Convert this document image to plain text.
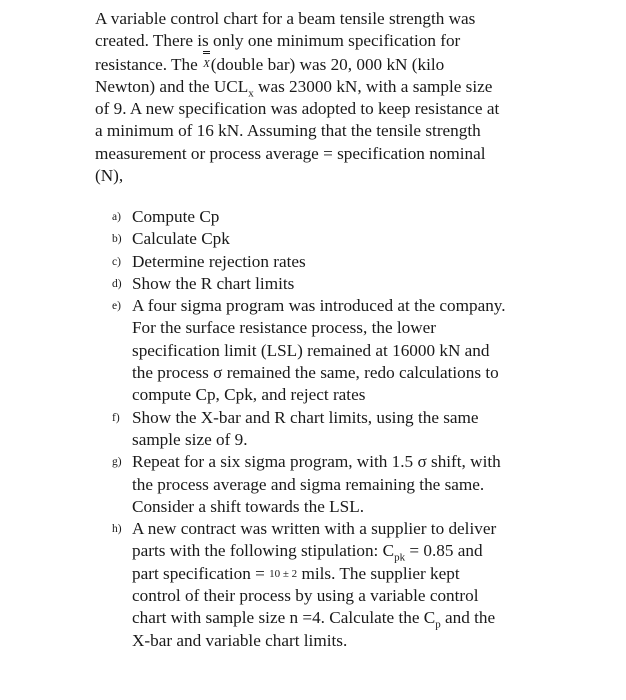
A variable control chart for a beam tensile strength was
created. There is only one minimum specification for
resistance. The X(double bar) was 20, 000 kN (kilo
Newton) and the $UCL_x$ was 23000 kN, with a sample size
of 9. A new specification was adopted to keep resistance at
a minimum of 16 kN. Assuming that the tensile strength
measurement or process average = specification nominal
(N),
a) Compute Cp
b) Calculate Cpk
c) Determine rejection rates
d) Show the R chart limits
e) A four sigma program was introduced at the company.
For the surface resistance process, the lower
specification limit (LSL) remained at 16000 kN and
the process σ remained the same, redo calculations to
compute Cp, Cpk, and reject rates
f) Show the X-bar and R chart limits, using the same
sample size of 9.
g) Repeat for a six sigma program, with 1.5 σ shift, with
the process average and sigma remaining the same.
Consider a shift towards the LSL.
h) A new contract was written with a supplier to deliver
parts with the following stipulation: $C_{pk} = 0.85$ and
part specification = 10 ± 2 mils. The supplier kept
control of their process by using a variable control
chart with sample size n =4. Calculate the $C_p$ and the
X-bar and variable chart limits.
